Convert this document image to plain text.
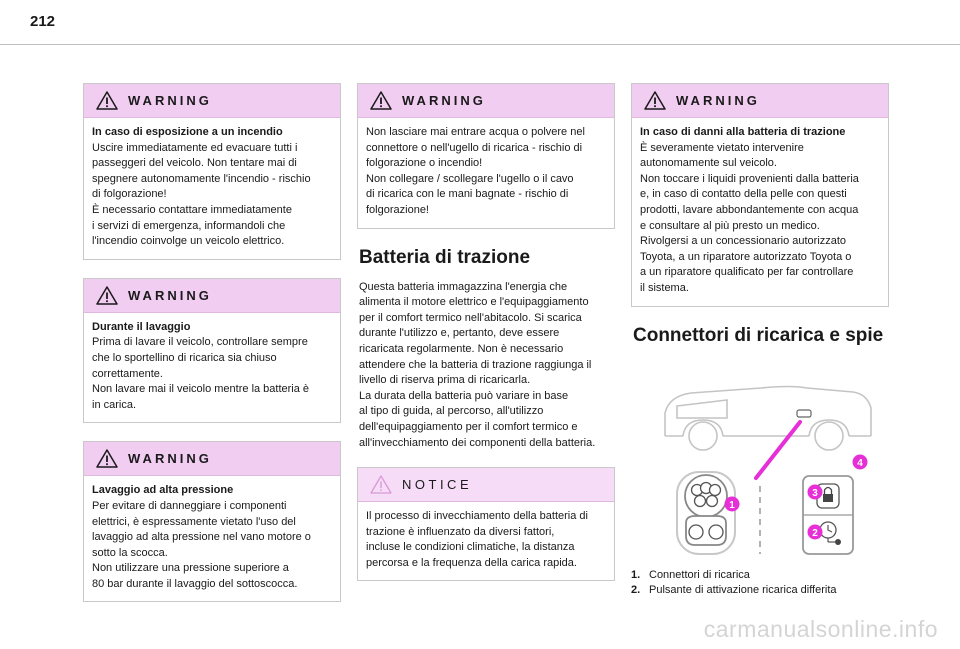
212
WARNING
In caso di esposizione a un incendio

Uscire immediatamente ed evacuare tutti i
passeggeri del veicolo. Non tentare mai di
spegnere autonomamente l'incendio - rischio
di folgorazione!
È necessario contattare immediatamente
i servizi di emergenza, informandoli che
l'incendio coinvolge un veicolo elettrico.

WARNING
Durante il lavaggio

Prima di lavare il veicolo, controllare sempre
che lo sportellino di ricarica sia chiuso
correttamente.
Non lavare mai il veicolo mentre la batteria è
in carica.

WARNING
Lavaggio ad alta pressione

Per evitare di danneggiare i componenti
elettrici, è espressamente vietato l'uso del
lavaggio ad alta pressione nel vano motore o
sotto la scocca.
Non utilizzare una pressione superiore a
80 bar durante il lavaggio del sottoscocca.

WARNING

Non lasciare mai entrare acqua o polvere nel
connettore o nell'ugello di ricarica - rischio di
folgorazione o incendio!
Non collegare / scollegare l'ugello o il cavo
di ricarica con le mani bagnate - rischio di
folgorazione!

Batteria di trazione
Questa batteria immagazzina l'energia che
alimenta il motore elettrico e l'equipaggiamento
per il comfort termico nell'abitacolo. Si scarica
durante l'utilizzo e, pertanto, deve essere
ricaricata regolarmente. Non è necessario
attendere che la batteria di trazione raggiunga il
livello di riserva prima di ricaricarla.
La durata della batteria può variare in base
al tipo di guida, al percorso, all'utilizzo
dell'equipaggiamento per il comfort termico e
all'invecchiamento dei componenti della batteria.
NOTICE

Il processo di invecchiamento della batteria di
trazione è influenzato da diversi fattori,
incluse le condizioni climatiche, la distanza
percorsa e la frequenza della carica rapida.

WARNING
In caso di danni alla batteria di trazione

È severamente vietato intervenire
autonomamente sul veicolo.
Non toccare i liquidi provenienti dalla batteria
e, in caso di contatto della pelle con questi
prodotti, lavare abbondantemente con acqua
e consultare al più presto un medico.
Rivolgersi a un concessionario autorizzato
Toyota, a un riparatore autorizzato Toyota o
a un riparatore qualificato per far controllare
il sistema.

Connettori di ricarica e spie
1
2
3
4
1. Connettori di ricarica
2. Pulsante di attivazione ricarica differita
carmanualsonline.info
